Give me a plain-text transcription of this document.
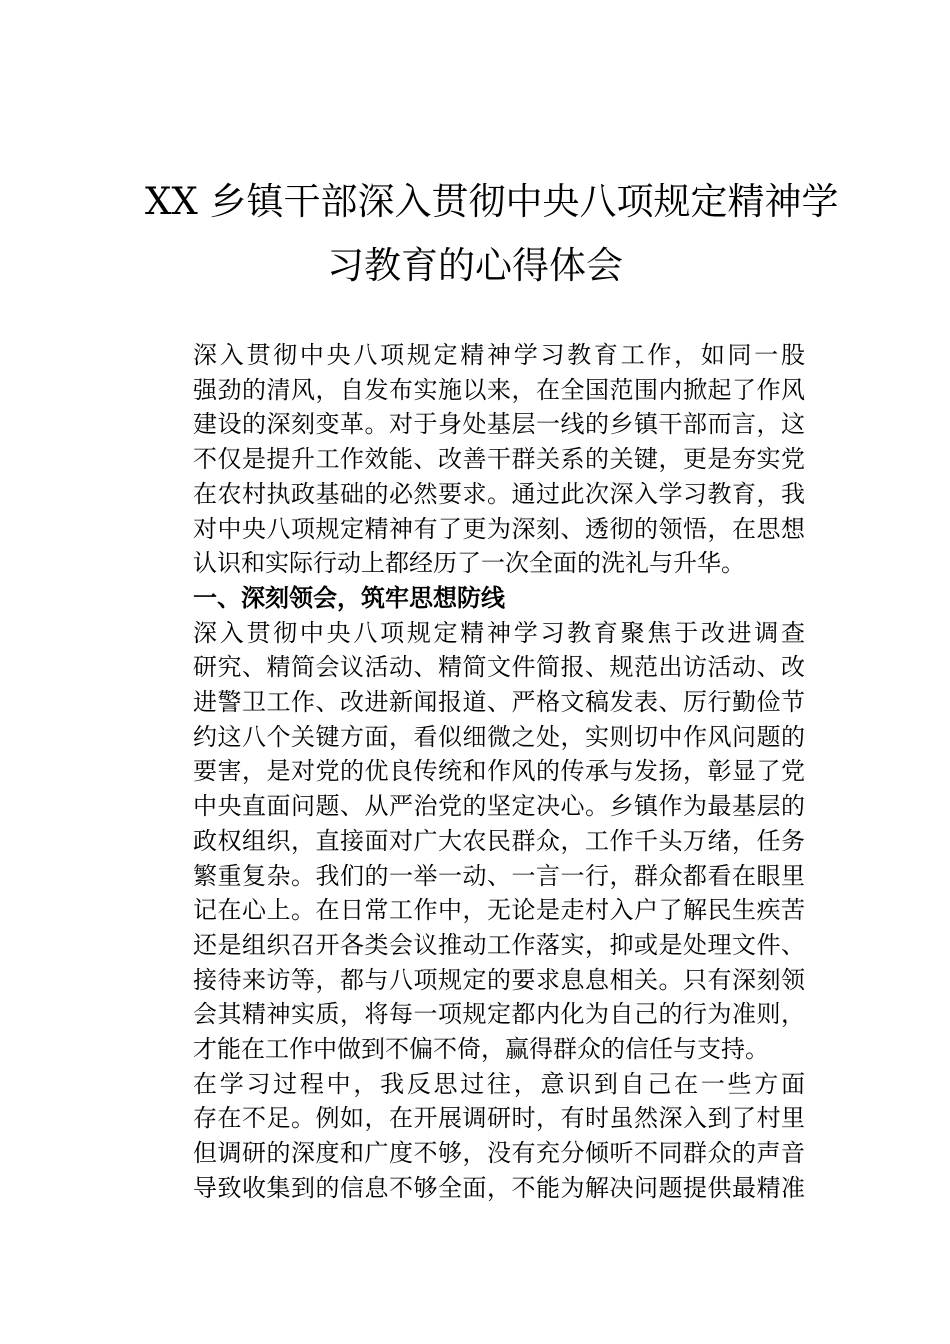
XX 乡镇干部深入贯彻中央八项规定精神学
习教育的心得体会

深入贯彻中央八项规定精神学习教育工作，如同一股
强劲的清风，自发布实施以来，在全国范围内掀起了作风
建设的深刻变革。对于身处基层一线的乡镇干部而言，这
不仅是提升工作效能、改善干群关系的关键，更是夯实党
在农村执政基础的必然要求。通过此次深入学习教育，我
对中央八项规定精神有了更为深刻、透彻的领悟，在思想
认识和实际行动上都经历了一次全面的洗礼与升华。

一、深刻领会，筑牢思想防线

深入贯彻中央八项规定精神学习教育聚焦于改进调查
研究、精简会议活动、精简文件简报、规范出访活动、改
进警卫工作、改进新闻报道、严格文稿发表、厉行勤俭节
约这八个关键方面，看似细微之处，实则切中作风问题的
要害，是对党的优良传统和作风的传承与发扬，彰显了党
中央直面问题、从严治党的坚定决心。乡镇作为最基层的
政权组织，直接面对广大农民群众，工作千头万绪，任务
繁重复杂。我们的一举一动、一言一行，群众都看在眼里
记在心上。在日常工作中，无论是走村入户了解民生疾苦
还是组织召开各类会议推动工作落实，抑或是处理文件、
接待来访等，都与八项规定的要求息息相关。只有深刻领
会其精神实质，将每一项规定都内化为自己的行为准则，
才能在工作中做到不偏不倚，赢得群众的信任与支持。

在学习过程中，我反思过往，意识到自己在一些方面
存在不足。例如，在开展调研时，有时虽然深入到了村里
但调研的深度和广度不够，没有充分倾听不同群众的声音
导致收集到的信息不够全面，不能为解决问题提供最精准
